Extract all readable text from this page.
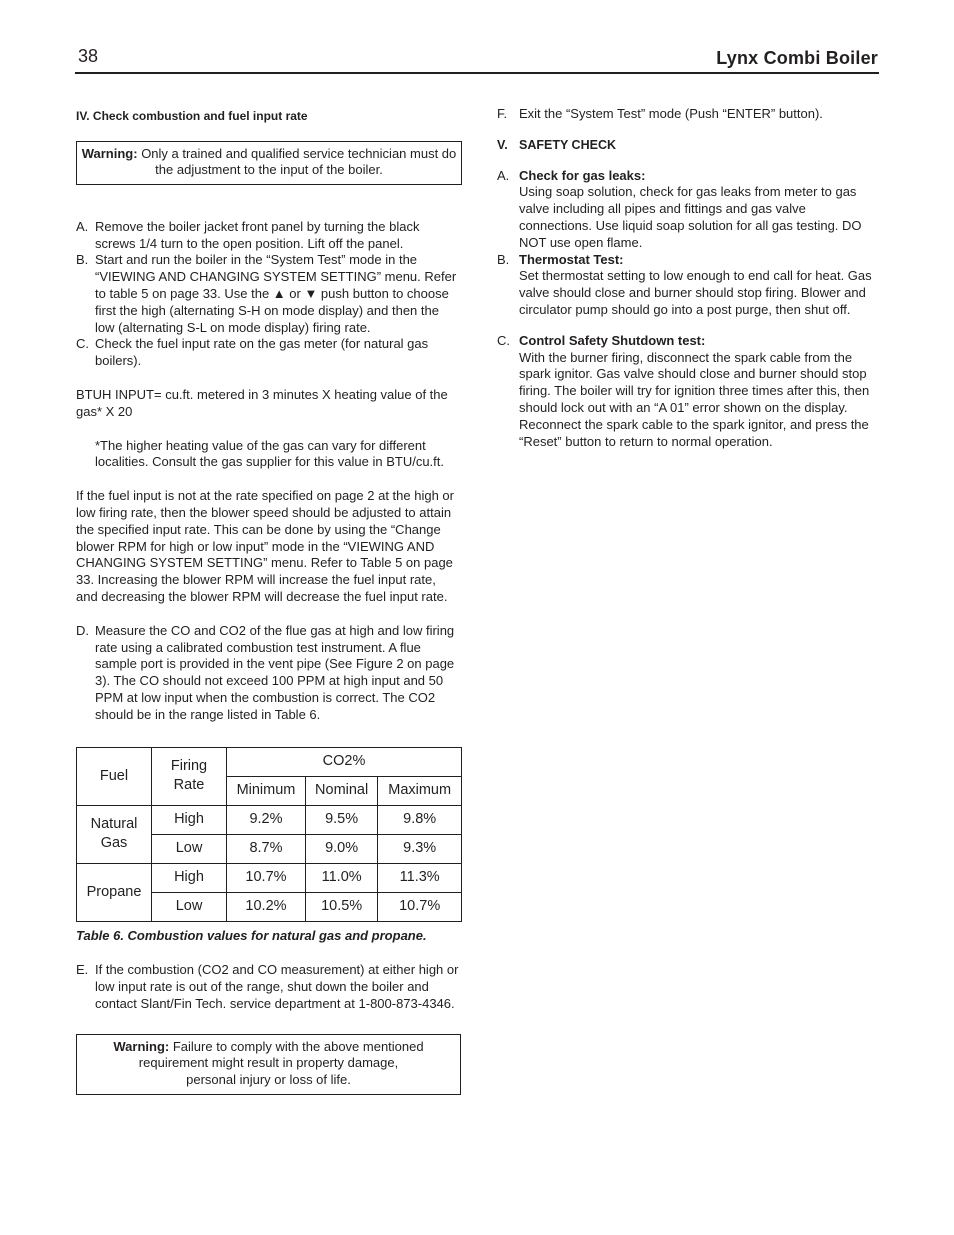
38	Lynx Combi Boiler

IV. Check combustion and fuel input rate

Warning: Only a trained and qualified service technician must do the adjustment to the input of the boiler.
A. Remove the boiler jacket front panel by turning the black screws 1/4 turn to the open position. Lift off the panel.
B. Start and run the boiler in the “System Test” mode in the “VIEWING AND CHANGING SYSTEM SETTING” menu. Refer to table 5 on page 33. Use the ▲ or ▼ push button to choose first the high (alternating S-H on mode display) and then the low (alternating S-L on mode display) firing rate.
C. Check the fuel input rate on the gas meter (for natural gas boilers).

BTUH INPUT= cu.ft. metered in 3 minutes X heating value of the gas* X 20

*The higher heating value of the gas can vary for different localities. Consult the gas supplier for this value in BTU/cu.ft.

If the fuel input is not at the rate specified on page 2 at the high or low firing rate, then the blower speed should be adjusted to attain the specified input rate. This can be done by using the “Change blower RPM for high or low input” mode in the “VIEWING AND CHANGING SYSTEM SETTING” menu. Refer to Table 5 on page 33. Increasing the blower RPM will increase the fuel input rate, and decreasing the blower RPM will decrease the fuel input rate.

D. Measure the CO and CO2 of the flue gas at high and low firing rate using a calibrated combustion test instrument. A flue sample port is provided in the vent pipe (See Figure 2 on page 3). The CO should not exceed 100 PPM at high input and 50 PPM at low input when the combustion is correct. The CO2 should be in the range listed in Table 6.
Fuel	Firing Rate	CO2%		
		Minimum	Nominal	Maximum
Natural Gas	High	9.2%	9.5%	9.8%
	Low	8.7%	9.0%	9.3%
Propane	High	10.7%	11.0%	11.3%
	Low	10.2%	10.5%	10.7%

Table 6. Combustion values for natural gas and propane.

E. If the combustion (CO2 and CO measurement) at either high or low input rate is out of the range, shut down the boiler and contact Slant/Fin Tech. service department at 1-800-873-4346.
Warning: Failure to comply with the above mentioned
requirement might result in property damage,
personal injury or loss of life.
F. Exit the “System Test” mode (Push “ENTER” button).
V. SAFETY CHECK
A. Check for gas leaks:
Using soap solution, check for gas leaks from meter to gas valve including all pipes and fittings and gas valve connections. Use liquid soap solution for all gas testing. DO NOT use open flame.
B. Thermostat Test:
Set thermostat setting to low enough to end call for heat. Gas valve should close and burner should stop firing. Blower and circulator pump should go into a post purge, then shut off.
C. Control Safety Shutdown test:
With the burner firing, disconnect the spark cable from the spark ignitor. Gas valve should close and burner should stop firing. The boiler will try for ignition three times after this, then should lock out with an “A 01” error shown on the display. Reconnect the spark cable to the spark ignitor, and press the “Reset” button to return to normal operation.
